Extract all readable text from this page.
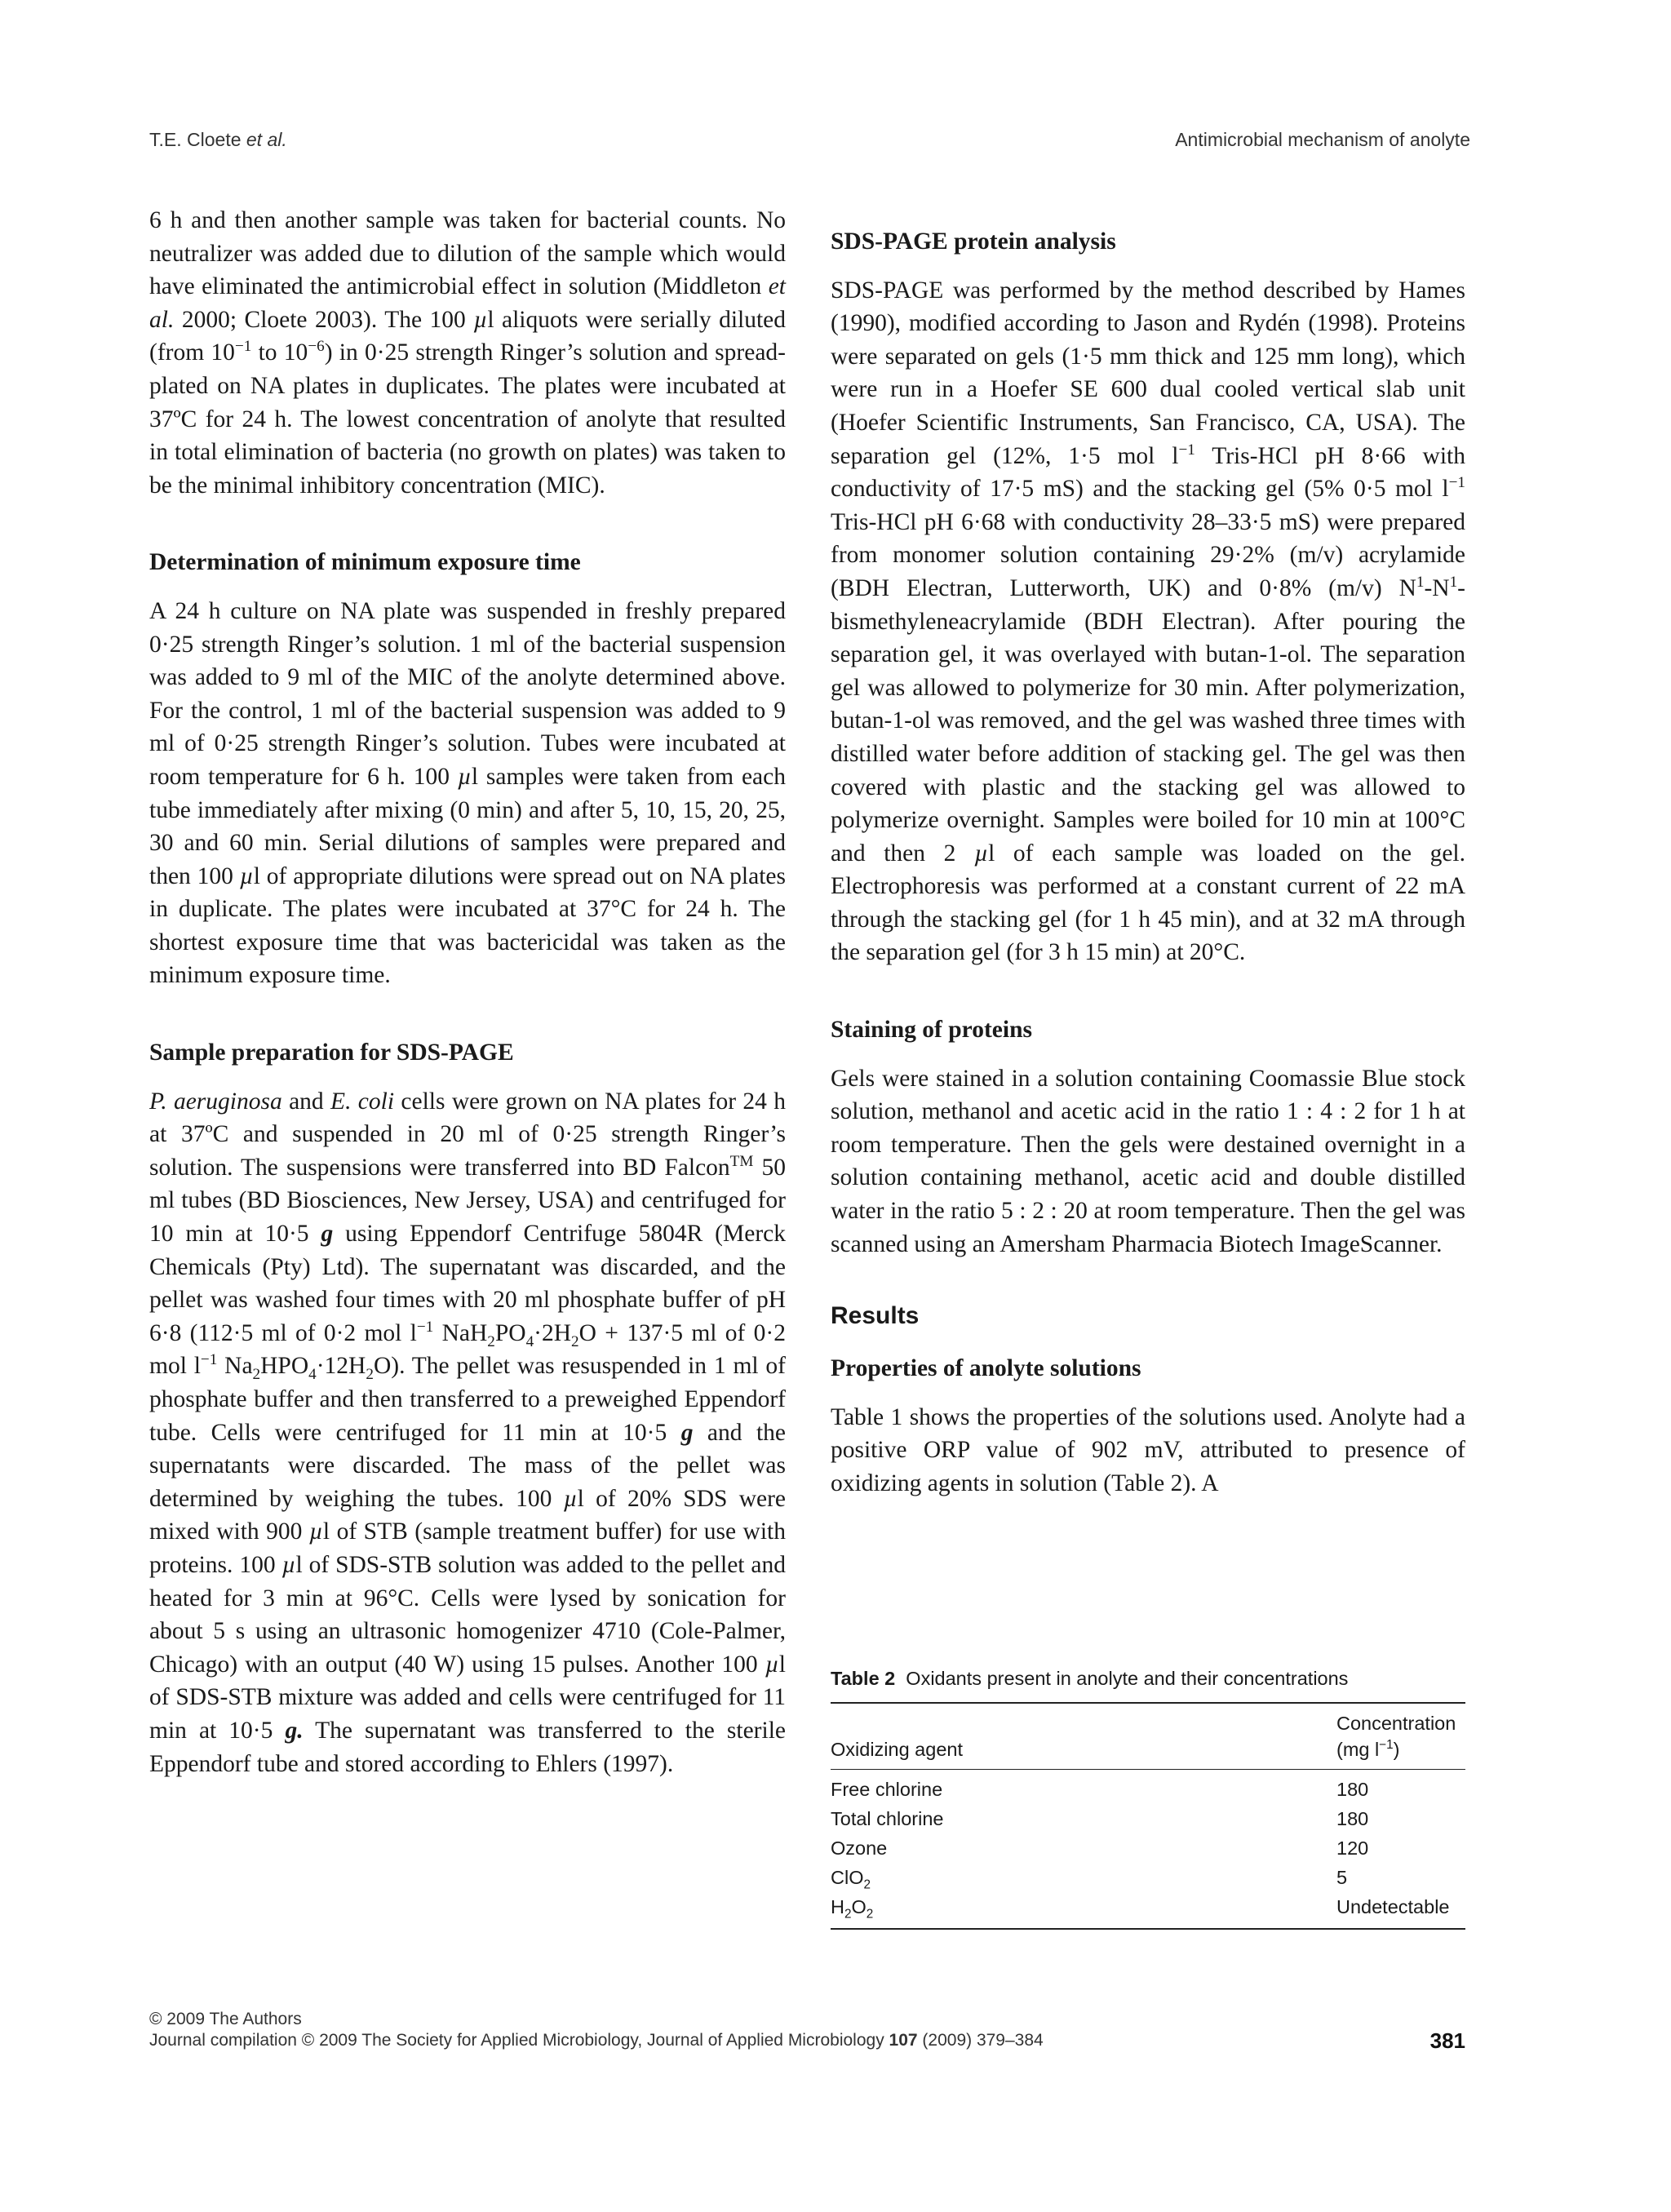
T.E. Cloete et al.	Antimicrobial mechanism of anolyte

6 h and then another sample was taken for bacterial counts. No neutralizer was added due to dilution of the sample which would have eliminated the antimicrobial effect in solution (Middleton et al. 2000; Cloete 2003). The 100 µl aliquots were serially diluted (from $10^{-1}$ to $10^{-6}$) in 0·25 strength Ringer’s solution and spread-plated on NA plates in duplicates. The plates were incubated at 37ºC for 24 h. The lowest concentration of anolyte that resulted in total elimination of bacteria (no growth on plates) was taken to be the minimal inhibitory concentration (MIC).

Determination of minimum exposure time

A 24 h culture on NA plate was suspended in freshly prepared 0·25 strength Ringer’s solution. 1 ml of the bacterial suspension was added to 9 ml of the MIC of the anolyte determined above. For the control, 1 ml of the bacterial suspension was added to 9 ml of 0·25 strength Ringer’s solution. Tubes were incubated at room temperature for 6 h. 100 µl samples were taken from each tube immediately after mixing (0 min) and after 5, 10, 15, 20, 25, 30 and 60 min. Serial dilutions of samples were prepared and then 100 µl of appropriate dilutions were spread out on NA plates in duplicate. The plates were incubated at 37°C for 24 h. The shortest exposure time that was bactericidal was taken as the minimum exposure time.

Sample preparation for SDS-PAGE

P. aeruginosa and E. coli cells were grown on NA plates for 24 h at 37ºC and suspended in 20 ml of 0·25 strength Ringer’s solution. The suspensions were transferred into BD Falcon™ 50 ml tubes (BD Biosciences, New Jersey, USA) and centrifuged for 10 min at 10·5 g using Eppendorf Centrifuge 5804R (Merck Chemicals (Pty) Ltd). The supernatant was discarded, and the pellet was washed four times with 20 ml phosphate buffer of pH 6·8 (112·5 ml of 0·2 mol $l^{-1}$ $NaH_2PO_4\cdot 2H_2O + 137\cdot 5$ ml of 0·2 mol $l^{-1}$ $Na_2HPO_4\cdot 12H_2O$). The pellet was resuspended in 1 ml of phosphate buffer and then transferred to a preweighed Eppendorf tube. Cells were centrifuged for 11 min at 10·5 g and the supernatants were discarded. The mass of the pellet was determined by weighing the tubes. 100 µl of 20% SDS were mixed with 900 µl of STB (sample treatment buffer) for use with proteins. 100 µl of SDS-STB solution was added to the pellet and heated for 3 min at 96°C. Cells were lysed by sonication for about 5 s using an ultrasonic homogenizer 4710 (Cole-Palmer, Chicago) with an output (40 W) using 15 pulses. Another 100 µl of SDS-STB mixture was added and cells were centrifuged for 11 min at 10·5 g. The supernatant was transferred to the sterile Eppendorf tube and stored according to Ehlers (1997).

SDS-PAGE protein analysis

SDS-PAGE was performed by the method described by Hames (1990), modified according to Jason and Rydén (1998). Proteins were separated on gels (1·5 mm thick and 125 mm long), which were run in a Hoefer SE 600 dual cooled vertical slab unit (Hoefer Scientific Instruments, San Francisco, CA, USA). The separation gel (12%, 1·5 mol $l^{-1}$ Tris-HCl pH 8·66 with conductivity of 17·5 mS) and the stacking gel (5% 0·5 mol $l^{-1}$ Tris-HCl pH 6·68 with conductivity 28–33·5 mS) were prepared from monomer solution containing 29·2% (m/v) acrylamide (BDH Electran, Lutterworth, UK) and 0·8% (m/v) $N^1-N^1$-bismethyleneacrylamide (BDH Electran). After pouring the separation gel, it was overlayed with butan-1-ol. The separation gel was allowed to polymerize for 30 min. After polymerization, butan-1-ol was removed, and the gel was washed three times with distilled water before addition of stacking gel. The gel was then covered with plastic and the stacking gel was allowed to polymerize overnight. Samples were boiled for 10 min at 100°C and then 2 µl of each sample was loaded on the gel. Electrophoresis was performed at a constant current of 22 mA through the stacking gel (for 1 h 45 min), and at 32 mA through the separation gel (for 3 h 15 min) at 20°C.

Staining of proteins

Gels were stained in a solution containing Coomassie Blue stock solution, methanol and acetic acid in the ratio 1 : 4 : 2 for 1 h at room temperature. Then the gels were destained overnight in a solution containing methanol, acetic acid and double distilled water in the ratio 5 : 2 : 20 at room temperature. Then the gel was scanned using an Amersham Pharmacia Biotech ImageScanner.

Results

Properties of anolyte solutions

Table 1 shows the properties of the solutions used. Anolyte had a positive ORP value of 902 mV, attributed to presence of oxidizing agents in solution (Table 2). A

Table 2 Oxidants present in anolyte and their concentrations
Oxidizing agent	Concentration
(mg $l^{-1}$)
Free chlorine	180
Total chlorine	180
Ozone	120
ClO$_2$	5
$H_2O_2$	Undetectable
© 2009 The Authors
Journal compilation © 2009 The Society for Applied Microbiology, Journal of Applied Microbiology 107 (2009) 379–384	381
